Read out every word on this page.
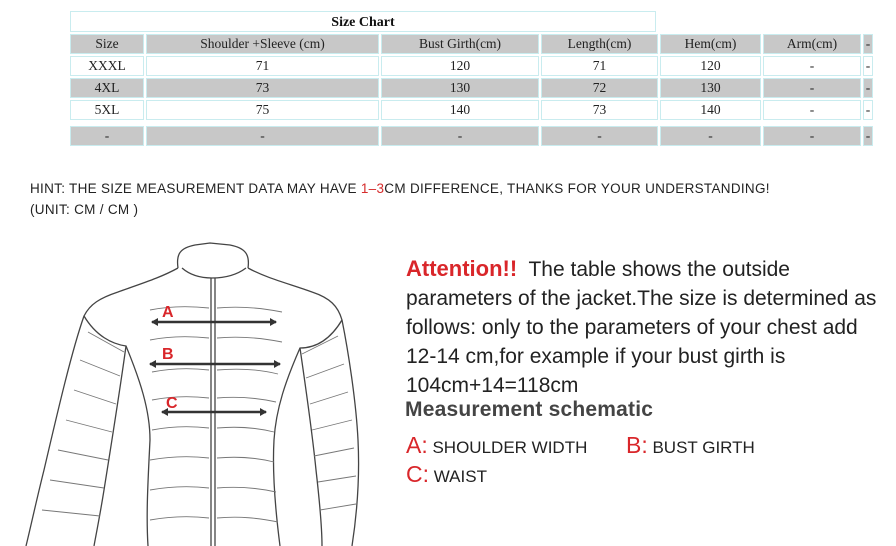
Size Chart
Size	Shoulder +Sleeve (cm)	Bust Girth(cm)	Length(cm)	Hem(cm)	Arm(cm)	-
XXXL	71	120	71	120	-	-
4XL	73	130	72	130	-	-
5XL	75	140	73	140	-	-
-	-	-	-	-	-	-
HINT: THE SIZE MEASUREMENT DATA MAY HAVE 1–3CM DIFFERENCE, THANKS FOR YOUR UNDERSTANDING!
(UNIT: CM / CM )
A
B
C
Attention!! The table shows the outside parameters of the jacket.The size is determined as follows: only to the parameters of your chest add 12-14 cm,for example if your bust girth is 104cm+14=118cm
Measurement schematic
A: SHOULDER WIDTH B: BUST GIRTH
C: WAIST
